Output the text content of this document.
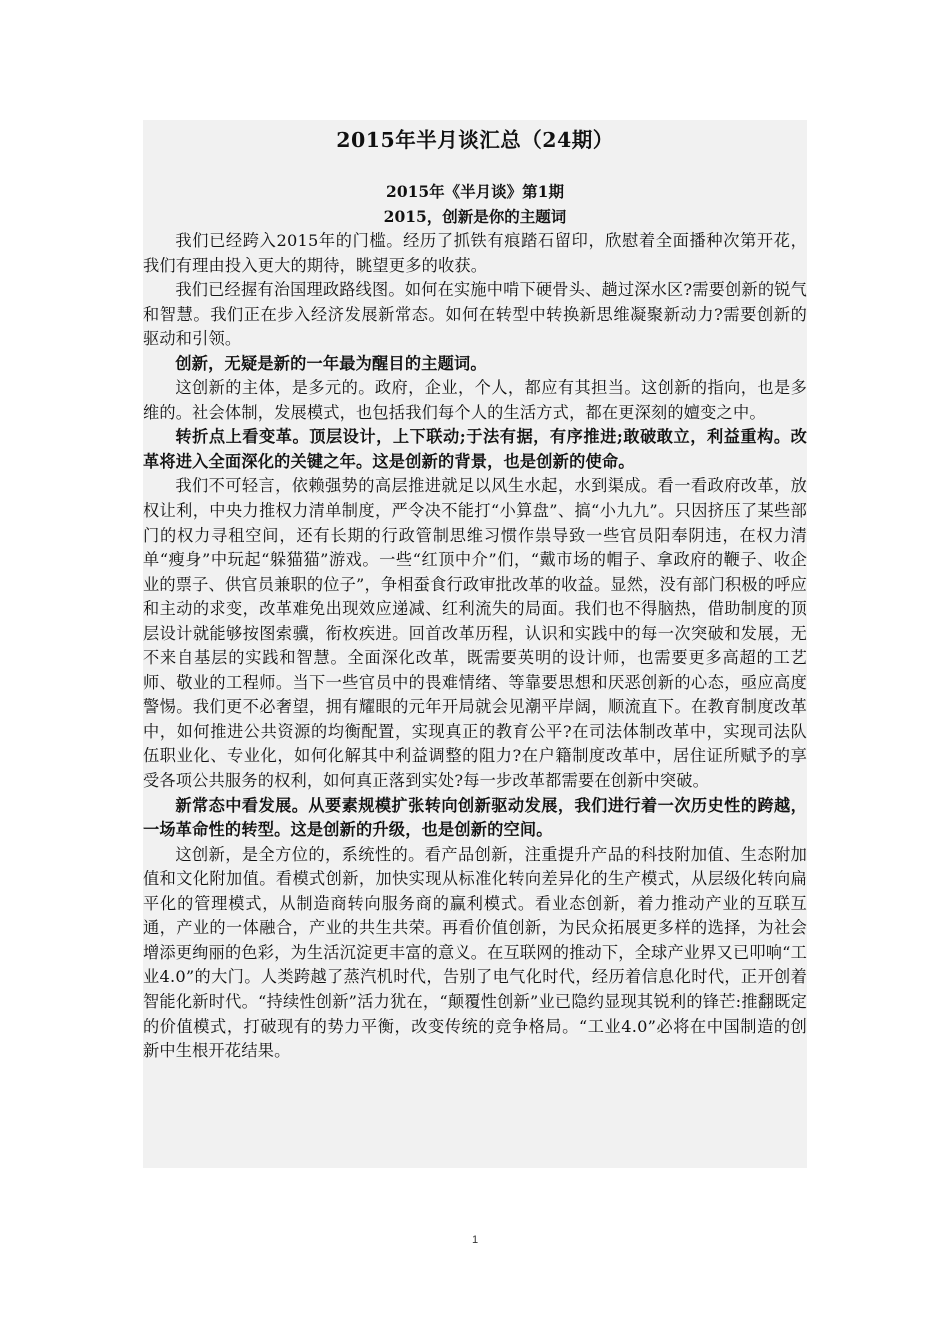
2015年半月谈汇总（24期）
2015年《半月谈》第1期
2015，创新是你的主题词

我们已经跨入2015年的门槛。经历了抓铁有痕踏石留印，欣慰着全面播种次第开花，我们有理由投入更大的期待，眺望更多的收获。

我们已经握有治国理政路线图。如何在实施中啃下硬骨头、趟过深水区?需要创新的锐气和智慧。我们正在步入经济发展新常态。如何在转型中转换新思维凝聚新动力?需要创新的驱动和引领。

创新，无疑是新的一年最为醒目的主题词。

这创新的主体，是多元的。政府，企业，个人，都应有其担当。这创新的指向，也是多维的。社会体制，发展模式，也包括我们每个人的生活方式，都在更深刻的嬗变之中。

转折点上看变革。顶层设计，上下联动;于法有据，有序推进;敢破敢立，利益重构。改革将进入全面深化的关键之年。这是创新的背景，也是创新的使命。

我们不可轻言，依赖强势的高层推进就足以风生水起，水到渠成。看一看政府改革，放权让利，中央力推权力清单制度，严令决不能打“小算盘”、搞“小九九”。只因挤压了某些部门的权力寻租空间，还有长期的行政管制思维习惯作祟导致一些官员阳奉阴违，在权力清单“瘦身”中玩起“躲猫猫”游戏。一些“红顶中介”们，“戴市场的帽子、拿政府的鞭子、收企业的票子、供官员兼职的位子”，争相蚕食行政审批改革的收益。显然，没有部门积极的呼应和主动的求变，改革难免出现效应递减、红利流失的局面。我们也不得脑热，借助制度的顶层设计就能够按图索骥，衔枚疾进。回首改革历程，认识和实践中的每一次突破和发展，无不来自基层的实践和智慧。全面深化改革，既需要英明的设计师，也需要更多高超的工艺师、敬业的工程师。当下一些官员中的畏难情绪、等靠要思想和厌恶创新的心态，亟应高度警惕。我们更不必奢望，拥有耀眼的元年开局就会见潮平岸阔，顺流直下。在教育制度改革中，如何推进公共资源的均衡配置，实现真正的教育公平?在司法体制改革中，实现司法队伍职业化、专业化，如何化解其中利益调整的阻力?在户籍制度改革中，居住证所赋予的享受各项公共服务的权利，如何真正落到实处?每一步改革都需要在创新中突破。

新常态中看发展。从要素规模扩张转向创新驱动发展，我们进行着一次历史性的跨越，一场革命性的转型。这是创新的升级，也是创新的空间。

这创新，是全方位的，系统性的。看产品创新，注重提升产品的科技附加值、生态附加值和文化附加值。看模式创新，加快实现从标准化转向差异化的生产模式，从层级化转向扁平化的管理模式，从制造商转向服务商的赢利模式。看业态创新，着力推动产业的互联互通，产业的一体融合，产业的共生共荣。再看价值创新，为民众拓展更多样的选择，为社会增添更绚丽的色彩，为生活沉淀更丰富的意义。在互联网的推动下，全球产业界又已叩响“工业4.0”的大门。人类跨越了蒸汽机时代，告别了电气化时代，经历着信息化时代，正开创着智能化新时代。“持续性创新”活力犹在，“颠覆性创新”业已隐约显现其锐利的锋芒:推翻既定的价值模式，打破现有的势力平衡，改变传统的竞争格局。“工业4.0”必将在中国制造的创新中生根开花结果。

1
